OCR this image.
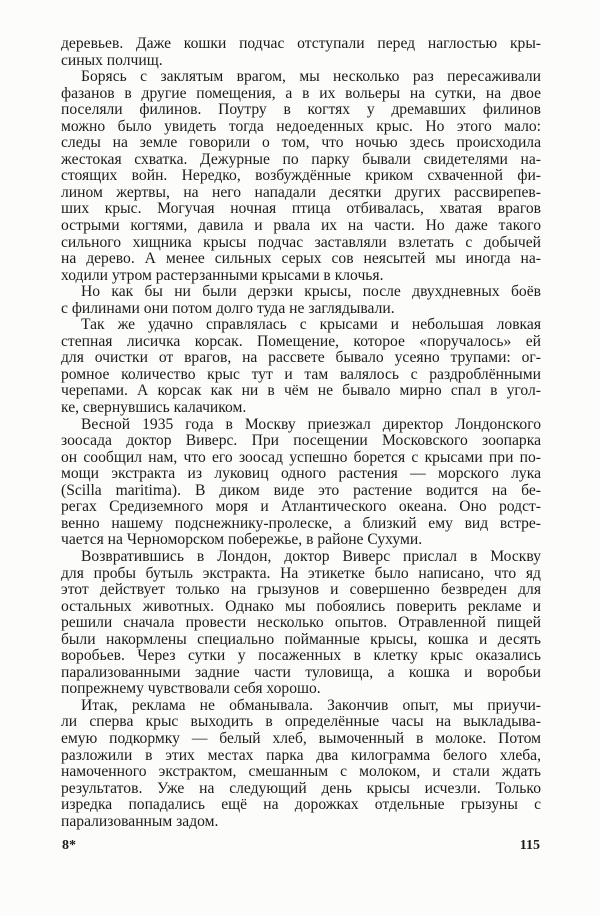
деревьев. Даже кошки подчас отступали перед наглостью кры-
синых полчищ.
Борясь с заклятым врагом, мы несколько раз пересаживали
фазанов в другие помещения, а в их вольеры на сутки, на двое
поселяли филинов. Поутру в когтях у дремавших филинов
можно было увидеть тогда недоеденных крыс. Но этого мало:
следы на земле говорили о том, что ночью здесь происходила
жестокая схватка. Дежурные по парку бывали свидетелями на-
стоящих войн. Нередко, возбуждённые криком схваченной фи-
лином жертвы, на него нападали десятки других рассвирепев-
ших крыс. Могучая ночная птица отбивалась, хватая врагов
острыми когтями, давила и рвала их на части. Но даже такого
сильного хищника крысы подчас заставляли взлетать с добычей
на дерево. А менее сильных серых сов неясытей мы иногда на-
ходили утром растерзанными крысами в клочья.
Но как бы ни были дерзки крысы, после двухдневных боёв
с филинами они потом долго туда не заглядывали.
Так же удачно справлялась с крысами и небольшая ловкая
степная лисичка корсак. Помещение, которое «поручалось» ей
для очистки от врагов, на рассвете бывало усеяно трупами: ог-
ромное количество крыс тут и там валялось с раздроблёнными
черепами. А корсак как ни в чём не бывало мирно спал в угол-
ке, свернувшись калачиком.
Весной 1935 года в Москву приезжал директор Лондонского
зоосада доктор Виверс. При посещении Московского зоопарка
он сообщил нам, что его зоосад успешно борется с крысами при по-
мощи экстракта из луковиц одного растения — морского лука
(Scilla maritima). В диком виде это растение водится на бе-
регах Средиземного моря и Атлантического океана. Оно родст-
венно нашему подснежнику-пролеске, а близкий ему вид встре-
чается на Черноморском побережье, в районе Сухуми.
Возвратившись в Лондон, доктор Виверс прислал в Москву
для пробы бутыль экстракта. На этикетке было написано, что яд
этот действует только на грызунов и совершенно безвреден для
остальных животных. Однако мы побоялись поверить рекламе и
решили сначала провести несколько опытов. Отравленной пищей
были накормлены специально пойманные крысы, кошка и десять
воробьев. Через сутки у посаженных в клетку крыс оказались
парализованными задние части туловища, а кошка и воробьи
попрежнему чувствовали себя хорошо.
Итак, реклама не обманывала. Закончив опыт, мы приучи-
ли сперва крыс выходить в определённые часы на выкладыва-
емую подкормку — белый хлеб, вымоченный в молоке. Потом
разложили в этих местах парка два килограмма белого хлеба,
намоченного экстрактом, смешанным с молоком, и стали ждать
результатов. Уже на следующий день крысы исчезли. Только
изредка попадались ещё на дорожках отдельные грызуны с
парализованным задом.
8*	115
